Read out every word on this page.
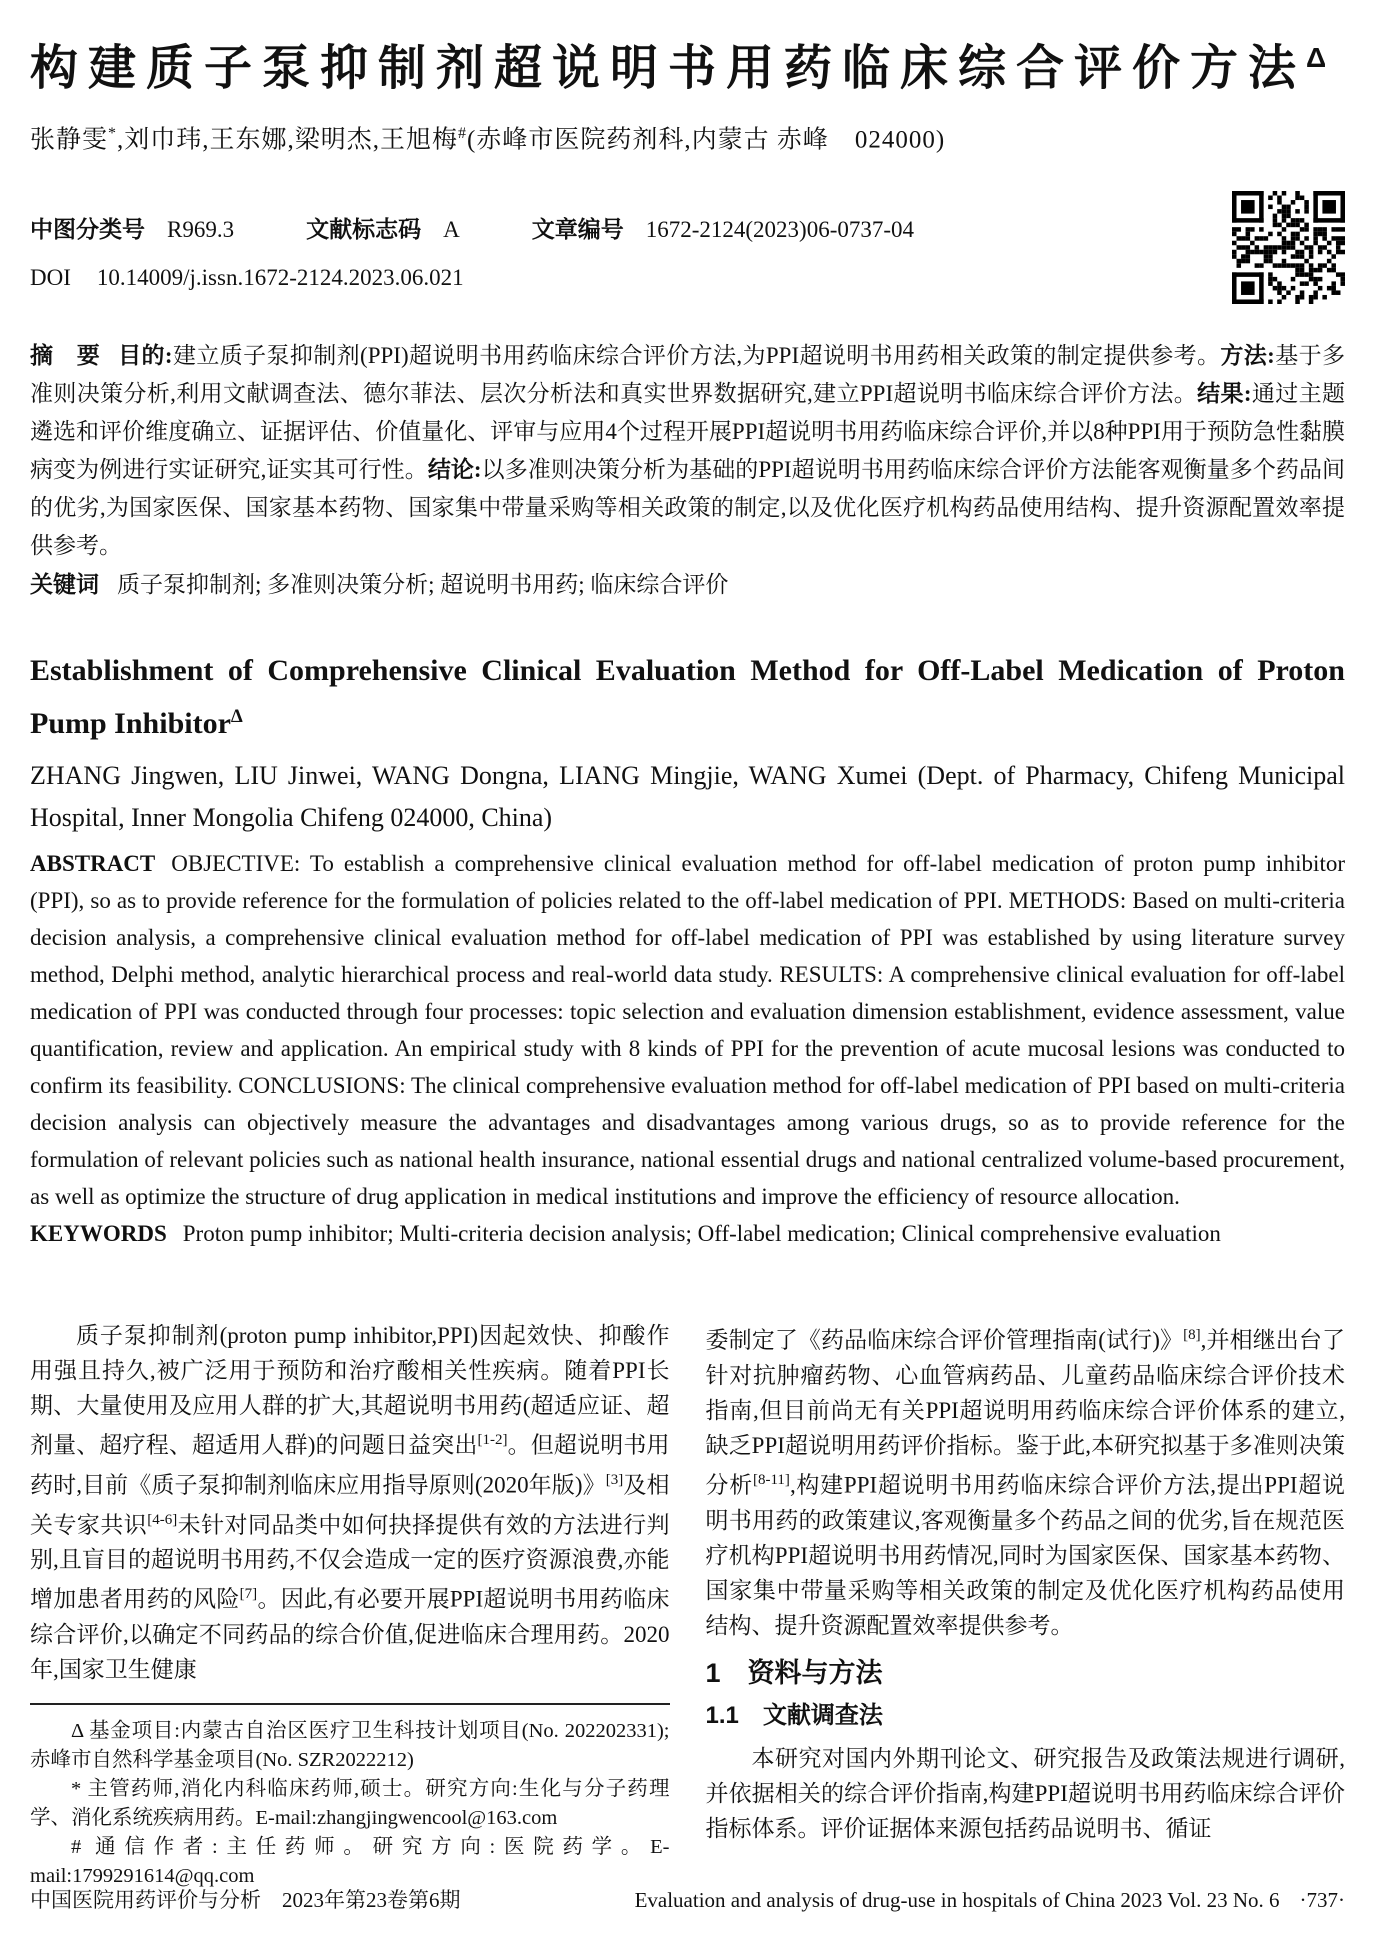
构建质子泵抑制剂超说明书用药临床综合评价方法$^\Delta$
张静雯*,刘巾玮,王东娜,梁明杰,王旭梅#(赤峰市医院药剂科,内蒙古 赤峰　024000)
中图分类号 R969.3	文献标志码 A	文章编号 1672-2124(2023)06-0737-04
DOI 10.14009/j.issn.1672-2124.2023.06.021

摘　要 目的:建立质子泵抑制剂(PPI)超说明书用药临床综合评价方法,为PPI超说明书用药相关政策的制定提供参考。方法:基于多准则决策分析,利用文献调查法、德尔菲法、层次分析法和真实世界数据研究,建立PPI超说明书临床综合评价方法。结果:通过主题遴选和评价维度确立、证据评估、价值量化、评审与应用4个过程开展PPI超说明书用药临床综合评价,并以8种PPI用于预防急性黏膜病变为例进行实证研究,证实其可行性。结论:以多准则决策分析为基础的PPI超说明书用药临床综合评价方法能客观衡量多个药品间的优劣,为国家医保、国家基本药物、国家集中带量采购等相关政策的制定,以及优化医疗机构药品使用结构、提升资源配置效率提供参考。

关键词 质子泵抑制剂; 多准则决策分析; 超说明书用药; 临床综合评价

Establishment of Comprehensive Clinical Evaluation Method for Off-Label Medication of Proton Pump Inhibitor$^\Delta$
ZHANG Jingwen, LIU Jinwei, WANG Dongna, LIANG Mingjie, WANG Xumei (Dept. of Pharmacy, Chifeng Municipal Hospital, Inner Mongolia Chifeng 024000, China)

ABSTRACT OBJECTIVE: To establish a comprehensive clinical evaluation method for off-label medication of proton pump inhibitor (PPI), so as to provide reference for the formulation of policies related to the off-label medication of PPI. METHODS: Based on multi-criteria decision analysis, a comprehensive clinical evaluation method for off-label medication of PPI was established by using literature survey method, Delphi method, analytic hierarchical process and real-world data study. RESULTS: A comprehensive clinical evaluation for off-label medication of PPI was conducted through four processes: topic selection and evaluation dimension establishment, evidence assessment, value quantification, review and application. An empirical study with 8 kinds of PPI for the prevention of acute mucosal lesions was conducted to confirm its feasibility. CONCLUSIONS: The clinical comprehensive evaluation method for off-label medication of PPI based on multi-criteria decision analysis can objectively measure the advantages and disadvantages among various drugs, so as to provide reference for the formulation of relevant policies such as national health insurance, national essential drugs and national centralized volume-based procurement, as well as optimize the structure of drug application in medical institutions and improve the efficiency of resource allocation.

KEYWORDS Proton pump inhibitor; Multi-criteria decision analysis; Off-label medication; Clinical comprehensive evaluation

质子泵抑制剂(proton pump inhibitor,PPI)因起效快、抑酸作用强且持久,被广泛用于预防和治疗酸相关性疾病。随着PPI长期、大量使用及应用人群的扩大,其超说明书用药(超适应证、超剂量、超疗程、超适用人群)的问题日益突出[1-2]。但超说明书用药时,目前《质子泵抑制剂临床应用指导原则(2020年版)》[3]及相关专家共识[4-6]未针对同品类中如何抉择提供有效的方法进行判别,且盲目的超说明书用药,不仅会造成一定的医疗资源浪费,亦能增加患者用药的风险[7]。因此,有必要开展PPI超说明书用药临床综合评价,以确定不同药品的综合价值,促进临床合理用药。2020年,国家卫生健康

Δ 基金项目:内蒙古自治区医疗卫生科技计划项目(No. 202202331);赤峰市自然科学基金项目(No. SZR2022212)

* 主管药师,消化内科临床药师,硕士。研究方向:生化与分子药理学、消化系统疾病用药。E-mail:zhangjingwencool@163.com

# 通信作者:主任药师。研究方向:医院药学。E-mail:1799291614@qq.com

委制定了《药品临床综合评价管理指南(试行)》[8],并相继出台了针对抗肿瘤药物、心血管病药品、儿童药品临床综合评价技术指南,但目前尚无有关PPI超说明用药临床综合评价体系的建立,缺乏PPI超说明用药评价指标。鉴于此,本研究拟基于多准则决策分析[8-11],构建PPI超说明书用药临床综合评价方法,提出PPI超说明书用药的政策建议,客观衡量多个药品之间的优劣,旨在规范医疗机构PPI超说明书用药情况,同时为国家医保、国家基本药物、国家集中带量采购等相关政策的制定及优化医疗机构药品使用结构、提升资源配置效率提供参考。

1　资料与方法
1.1　文献调查法

本研究对国内外期刊论文、研究报告及政策法规进行调研,并依据相关的综合评价指南,构建PPI超说明书用药临床综合评价指标体系。评价证据体来源包括药品说明书、循证

中国医院用药评价与分析　2023年第23卷第6期	Evaluation and analysis of drug-use in hospitals of China 2023 Vol. 23 No. 6 ·737·
